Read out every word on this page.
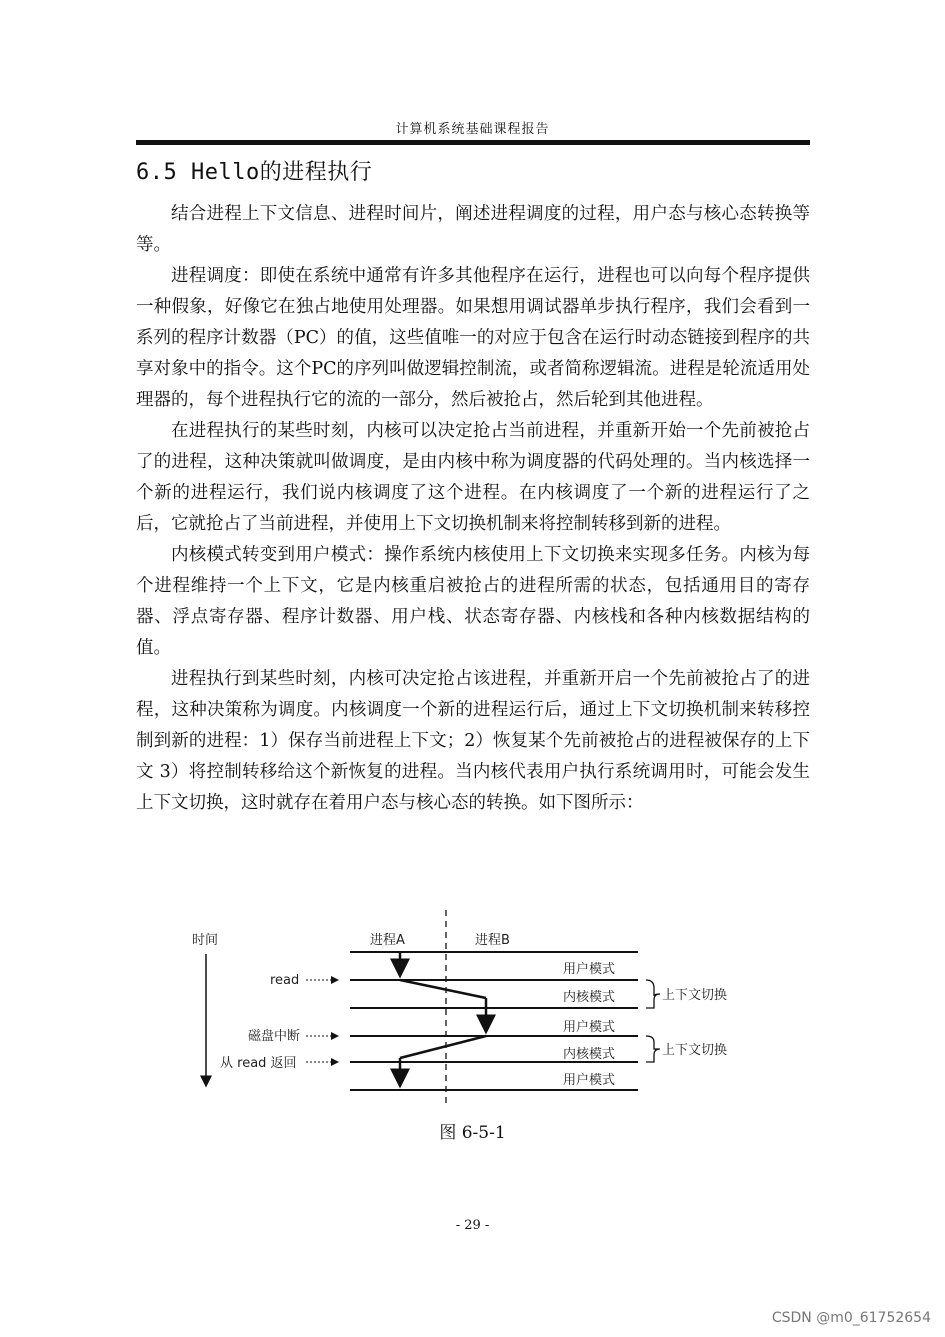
计算机系统基础课程报告
6.5 Hello的进程执行

结合进程上下文信息、进程时间片，阐述进程调度的过程，用户态与核心态转换等等。

进程调度：即使在系统中通常有许多其他程序在运行，进程也可以向每个程序提供一种假象，好像它在独占地使用处理器。如果想用调试器单步执行程序，我们会看到一系列的程序计数器（PC）的值，这些值唯一的对应于包含在运行时动态链接到程序的共享对象中的指令。这个PC的序列叫做逻辑控制流，或者简称逻辑流。进程是轮流适用处理器的，每个进程执行它的流的一部分，然后被抢占，然后轮到其他进程。

在进程执行的某些时刻，内核可以决定抢占当前进程，并重新开始一个先前被抢占了的进程，这种决策就叫做调度，是由内核中称为调度器的代码处理的。当内核选择一个新的进程运行，我们说内核调度了这个进程。在内核调度了一个新的进程运行了之后，它就抢占了当前进程，并使用上下文切换机制来将控制转移到新的进程。

内核模式转变到用户模式：操作系统内核使用上下文切换来实现多任务。内核为每个进程维持一个上下文，它是内核重启被抢占的进程所需的状态，包括通用目的寄存器、浮点寄存器、程序计数器、用户栈、状态寄存器、内核栈和各种内核数据结构的值。

进程执行到某些时刻，内核可决定抢占该进程，并重新开启一个先前被抢占了的进程，这种决策称为调度。内核调度一个新的进程运行后，通过上下文切换机制来转移控制到新的进程：1）保存当前进程上下文；2）恢复某个先前被抢占的进程被保存的上下文 3）将控制转移给这个新恢复的进程。当内核代表用户执行系统调用时，可能会发生上下文切换，这时就存在着用户态与核心态的转换。如下图所示：

时间	进程A	进程B
用户模式
内核模式
用户模式
内核模式
用户模式
上下文切换
上下文切换
read
磁盘中断
从 read 返回
图 6-5-1
- 29 -
CSDN @m0_61752654
